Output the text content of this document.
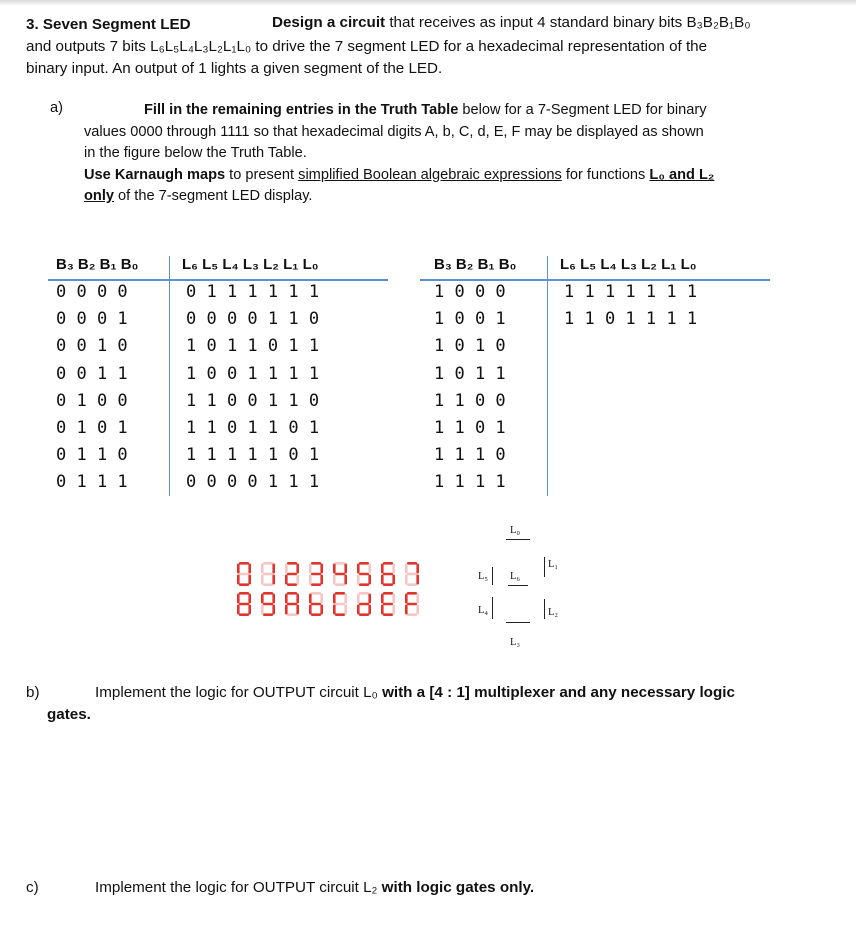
3. Seven Segment LED
and outputs 7 bits L₆L₅L₄L₃L₂L₁L₀ to drive the 7 segment LED for a hexadecimal representation of the
binary input. An output of 1 lights a given segment of the LED.
Design a circuit that receives as input 4 standard binary bits B₃B₂B₁B₀
a)	Fill in the remaining entries in the Truth Table below for a 7-Segment LED for binary
values 0000 through 1111 so that hexadecimal digits A, b, C, d, E, F may be displayed as shown
in the figure below the Truth Table.
Use Karnaugh maps to present simplified Boolean algebraic expressions for functions L₀ and L₂
only of the 7-segment LED display.
B₃ B₂ B₁ B₀	L₆ L₅ L₄ L₃ L₂ L₁ L₀
0 0 0 0	0 1 1 1 1 1 1
0 0 0 1	0 0 0 0 1 1 0
0 0 1 0	1 0 1 1 0 1 1
0 0 1 1	1 0 0 1 1 1 1
0 1 0 0	1 1 0 0 1 1 0
0 1 0 1	1 1 0 1 1 0 1
0 1 1 0	1 1 1 1 1 0 1
0 1 1 1	0 0 0 0 1 1 1
B₃ B₂ B₁ B₀	L₆ L₅ L₄ L₃ L₂ L₁ L₀
1 0 0 0	1 1 1 1 1 1 1
1 0 0 1	1 1 0 1 1 1 1
1 0 1 0
1 0 1 1
1 1 0 0
1 1 0 1
1 1 1 0
1 1 1 1
L₀
L₅ L₆
L₁
L₄	L₂
L₃
b)	Implement the logic for OUTPUT circuit L₀ with a [4 : 1] multiplexer and any necessary logic
gates.
c)	Implement the logic for OUTPUT circuit L₂ with logic gates only.
